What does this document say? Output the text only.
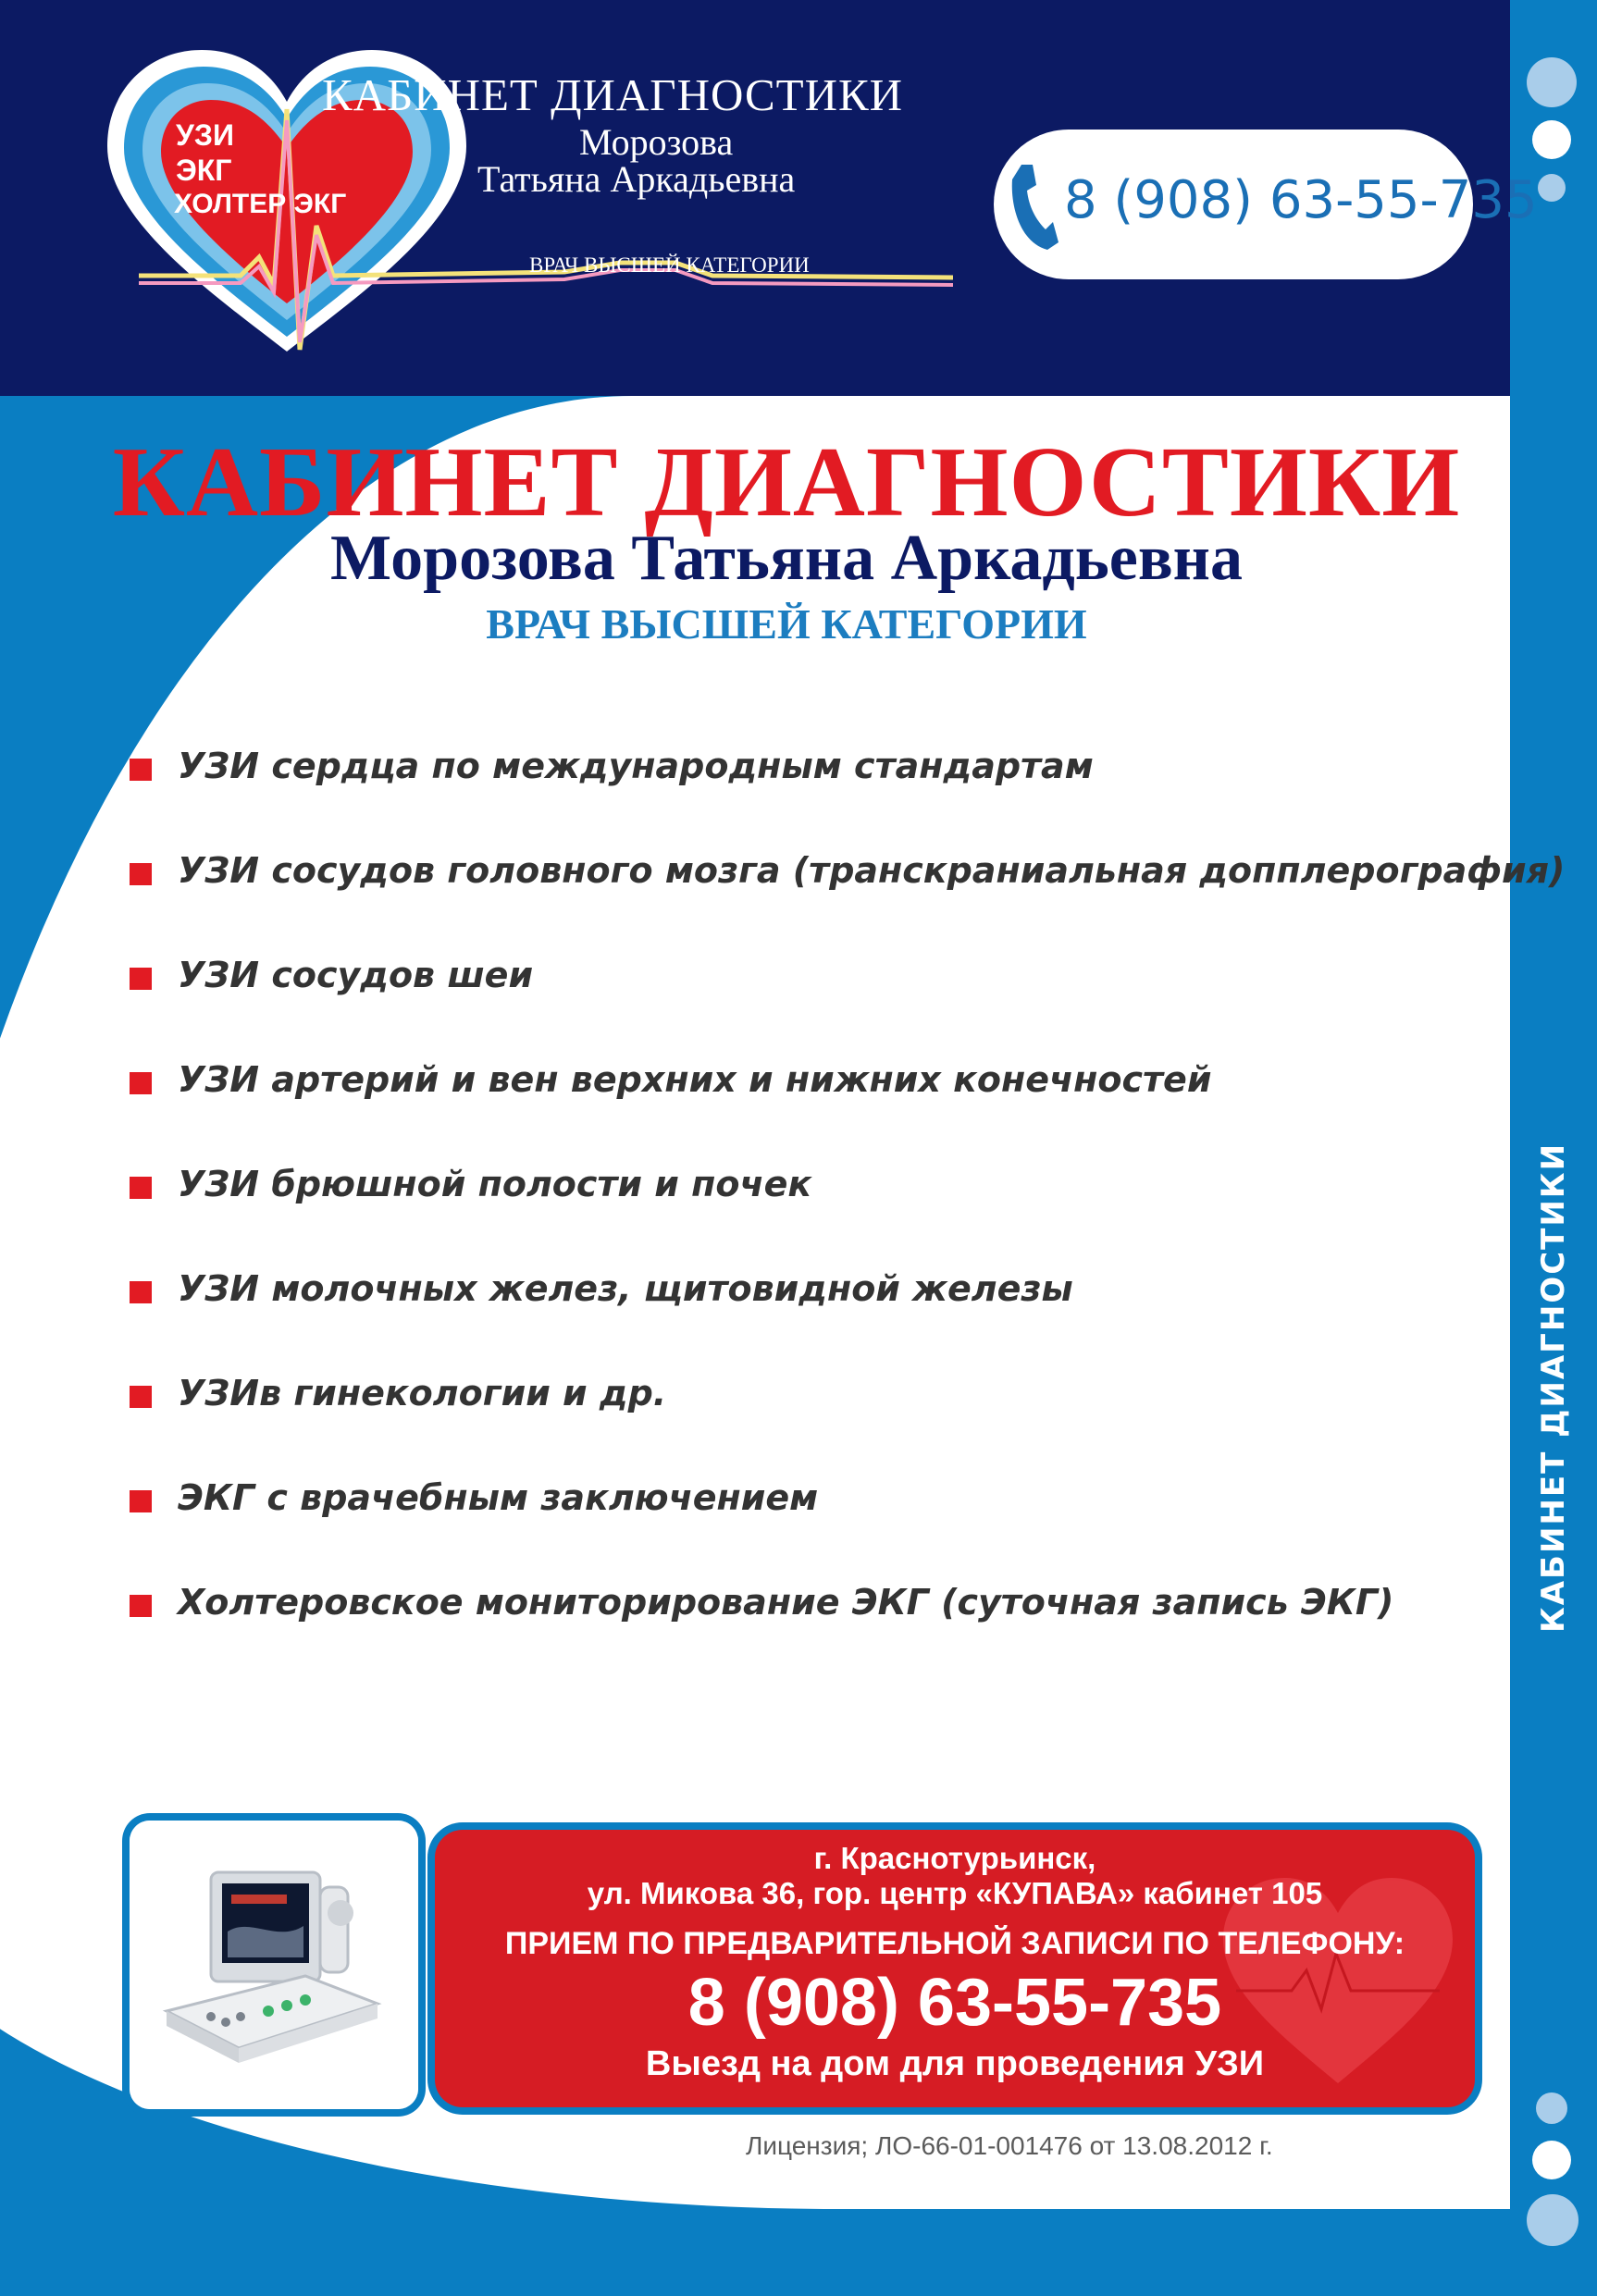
УЗИ
ЭКГ
ХОЛТЕР ЭКГ
КАБИНЕТ ДИАГНОСТИКИ
Морозова
Татьяна Аркадьевна
ВРАЧ ВЫСШЕЙ КАТЕГОРИИ
8 (908) 63-55-735
КАБИНЕТ ДИАГНОСТИКИ
Морозова Татьяна Аркадьевна
ВРАЧ ВЫСШЕЙ КАТЕГОРИИ
УЗИ сердца по международным стандартам
УЗИ сосудов головного мозга (транскраниальная допплерография)
УЗИ сосудов шеи
УЗИ артерий и вен верхних и нижних конечностей
УЗИ брюшной полости и почек
УЗИ молочных желез, щитовидной железы
УЗИв гинекологии и др.
ЭКГ с врачебным заключением
Холтеровское мониторирование ЭКГ (суточная запись ЭКГ)	КАБИНЕТ ДИАГНОСТИКИ
г. Краснотурьинск,
ул. Микова 36, гор. центр «КУПАВА» кабинет 105
ПРИЕМ ПО ПРЕДВАРИТЕЛЬНОЙ ЗАПИСИ ПО ТЕЛЕФОНУ:
8 (908) 63-55-735
Выезд на дом для проведения УЗИ
Лицензия; ЛО-66-01-001476 от 13.08.2012 г.
